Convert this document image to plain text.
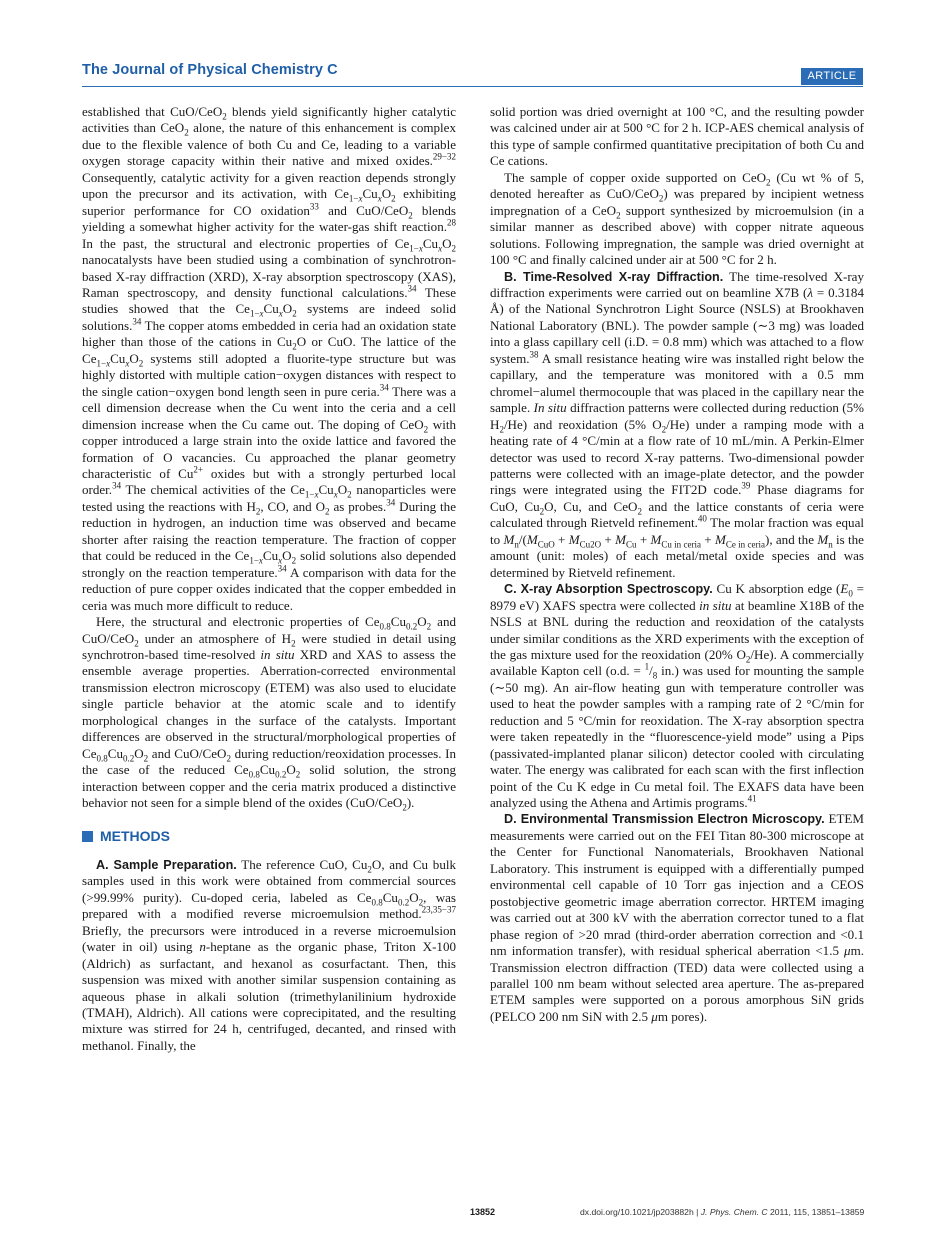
The Journal of Physical Chemistry C	ARTICLE

established that CuO/CeO$_2$ blends yield significantly higher catalytic activities than CeO$_2$ alone, the nature of this enhancement is complex due to the flexible valence of both Cu and Ce, leading to a variable oxygen storage capacity within their native and mixed oxides.$^{29-32}$ Consequently, catalytic activity for a given reaction depends strongly upon the precursor and its activation, with $Ce_{1-x}Cu_xO_2$ exhibiting superior performance for CO oxidation$^{33}$ and CuO/CeO$_2$ blends yielding a somewhat higher activity for the water-gas shift reaction.$^{28}$ In the past, the structural and electronic properties of $Ce_{1-x}Cu_xO_2$ nanocatalysts have been studied using a combination of synchrotron-based X-ray diffraction (XRD), X-ray absorption spectroscopy (XAS), Raman spectroscopy, and density functional calculations.$^{34}$ These studies showed that the $Ce_{1-x}Cu_xO_2$ systems are indeed solid solutions.$^{34}$ The copper atoms embedded in ceria had an oxidation state higher than those of the cations in $Cu_2O$ or CuO. The lattice of the $Ce_{1-x}Cu_xO_2$ systems still adopted a fluorite-type structure but was highly distorted with multiple cation−oxygen distances with respect to the single cation−oxygen bond length seen in pure ceria.$^{34}$ There was a cell dimension decrease when the Cu went into the ceria and a cell dimension increase when the Cu came out. The doping of CeO$_2$ with copper introduced a large strain into the oxide lattice and favored the formation of O vacancies. Cu approached the planar geometry characteristic of $Cu^{2+}$ oxides but with a strongly perturbed local order.$^{34}$ The chemical activities of the $Ce_{1-x}Cu_xO_2$ nanoparticles were tested using the reactions with $H_2$, CO, and $O_2$ as probes.$^{34}$ During the reduction in hydrogen, an induction time was observed and became shorter after raising the reaction temperature. The fraction of copper that could be reduced in the $Ce_{1-x}Cu_xO_2$ solid solutions also depended strongly on the reaction temperature.$^{34}$ A comparison with data for the reduction of pure copper oxides indicated that the copper embedded in ceria was much more difficult to reduce.

Here, the structural and electronic properties of $Ce_{0.8}Cu_{0.2}O_2$ and CuO/CeO$_2$ under an atmosphere of $H_2$ were studied in detail using synchrotron-based time-resolved in situ XRD and XAS to assess the ensemble average properties. Aberration-corrected environmental transmission electron microscopy (ETEM) was also used to elucidate single particle behavior at the atomic scale and to identify morphological changes in the surface of the catalysts. Important differences are observed in the structural/morphological properties of $Ce_{0.8}Cu_{0.2}O_2$ and CuO/CeO$_2$ during reduction/reoxidation processes. In the case of the reduced $Ce_{0.8}Cu_{0.2}O_2$ solid solution, the strong interaction between copper and the ceria matrix produced a distinctive behavior not seen for a simple blend of the oxides (CuO/CeO$_2$).

METHODS

A. Sample Preparation. The reference CuO, $Cu_2O$, and Cu bulk samples used in this work were obtained from commercial sources (>99.99% purity). Cu-doped ceria, labeled as $Ce_{0.8}Cu_{0.2}O_2$, was prepared with a modified reverse microemulsion method.$^{23,35-37}$ Briefly, the precursors were introduced in a reverse microemulsion (water in oil) using n-heptane as the organic phase, Triton X-100 (Aldrich) as surfactant, and hexanol as cosurfactant. Then, this suspension was mixed with another similar suspension containing as aqueous phase in alkali solution (trimethylanilinium hydroxide (TMAH), Aldrich). All cations were coprecipitated, and the resulting mixture was stirred for 24 h, centrifuged, decanted, and rinsed with methanol. Finally, the

solid portion was dried overnight at 100 °C, and the resulting powder was calcined under air at 500 °C for 2 h. ICP-AES chemical analysis of this type of sample confirmed quantitative precipitation of both Cu and Ce cations.

The sample of copper oxide supported on CeO$_2$ (Cu wt % of 5, denoted hereafter as CuO/CeO$_2$) was prepared by incipient wetness impregnation of a CeO$_2$ support synthesized by microemulsion (in a similar manner as described above) with copper nitrate aqueous solutions. Following impregnation, the sample was dried overnight at 100 °C and finally calcined under air at 500 °C for 2 h.

B. Time-Resolved X-ray Diffraction. The time-resolved X-ray diffraction experiments were carried out on beamline X7B (λ = 0.3184 Å) of the National Synchrotron Light Source (NSLS) at Brookhaven National Laboratory (BNL). The powder sample (∼3 mg) was loaded into a glass capillary cell (i.D. = 0.8 mm) which was attached to a flow system.$^{38}$ A small resistance heating wire was installed right below the capillary, and the temperature was monitored with a 0.5 mm chromel−alumel thermocouple that was placed in the capillary near the sample. In situ diffraction patterns were collected during reduction (5% $H_2/He$) and reoxidation (5% $O_2/He$) under a ramping mode with a heating rate of 4 °C/min at a flow rate of 10 mL/min. A Perkin-Elmer detector was used to record X-ray patterns. Two-dimensional powder patterns were collected with an image-plate detector, and the powder rings were integrated using the FIT2D code.$^{39}$ Phase diagrams for CuO, $Cu_2O$, Cu, and CeO$_2$ and the lattice constants of ceria were calculated through Rietveld refinement.$^{40}$ The molar fraction was equal to $M_n/(M_{CuO} + M_{Cu2O} + M_{Cu} + M_{Cu in ceria} + M_{Ce in ceria})$, and the $M_n$ is the amount (unit: moles) of each metal/metal oxide species and was determined by Rietveld refinement.

C. X-ray Absorption Spectroscopy. Cu K absorption edge ($E_0 = 8979$ eV) XAFS spectra were collected in situ at beamline X18B of the NSLS at BNL during the reduction and reoxidation of the catalysts under similar conditions as the XRD experiments with the exception of the gas mixture used for the reoxidation (20% $O_2/He$). A commercially available Kapton cell (o.d. = $^1/_8$ in.) was used for mounting the sample (∼50 mg). An air-flow heating gun with temperature controller was used to heat the powder samples with a ramping rate of 2 °C/min for reduction and 5 °C/min for reoxidation. The X-ray absorption spectra were taken repeatedly in the “fluorescence-yield mode” using a Pips (passivated-implanted planar silicon) detector cooled with circulating water. The energy was calibrated for each scan with the first inflection point of the Cu K edge in Cu metal foil. The EXAFS data have been analyzed using the Athena and Artimis programs.$^{41}$

D. Environmental Transmission Electron Microscopy. ETEM measurements were carried out on the FEI Titan 80-300 microscope at the Center for Functional Nanomaterials, Brookhaven National Laboratory. This instrument is equipped with a differentially pumped environmental cell capable of 10 Torr gas injection and a CEOS postobjective geometric image aberration corrector. HRTEM imaging was carried out at 300 kV with the aberration corrector tuned to a flat phase region of >20 mrad (third-order aberration correction and <0.1 nm information transfer), with residual spherical aberration <1.5 μm. Transmission electron diffraction (TED) data were collected using a parallel 100 nm beam without selected area aperture. The as-prepared ETEM samples were supported on a porous amorphous SiN grids (PELCO 200 nm SiN with 2.5 μm pores).

13852	dx.doi.org/10.1021/jp203882h | J. Phys. Chem. C 2011, 115, 13851–13859
